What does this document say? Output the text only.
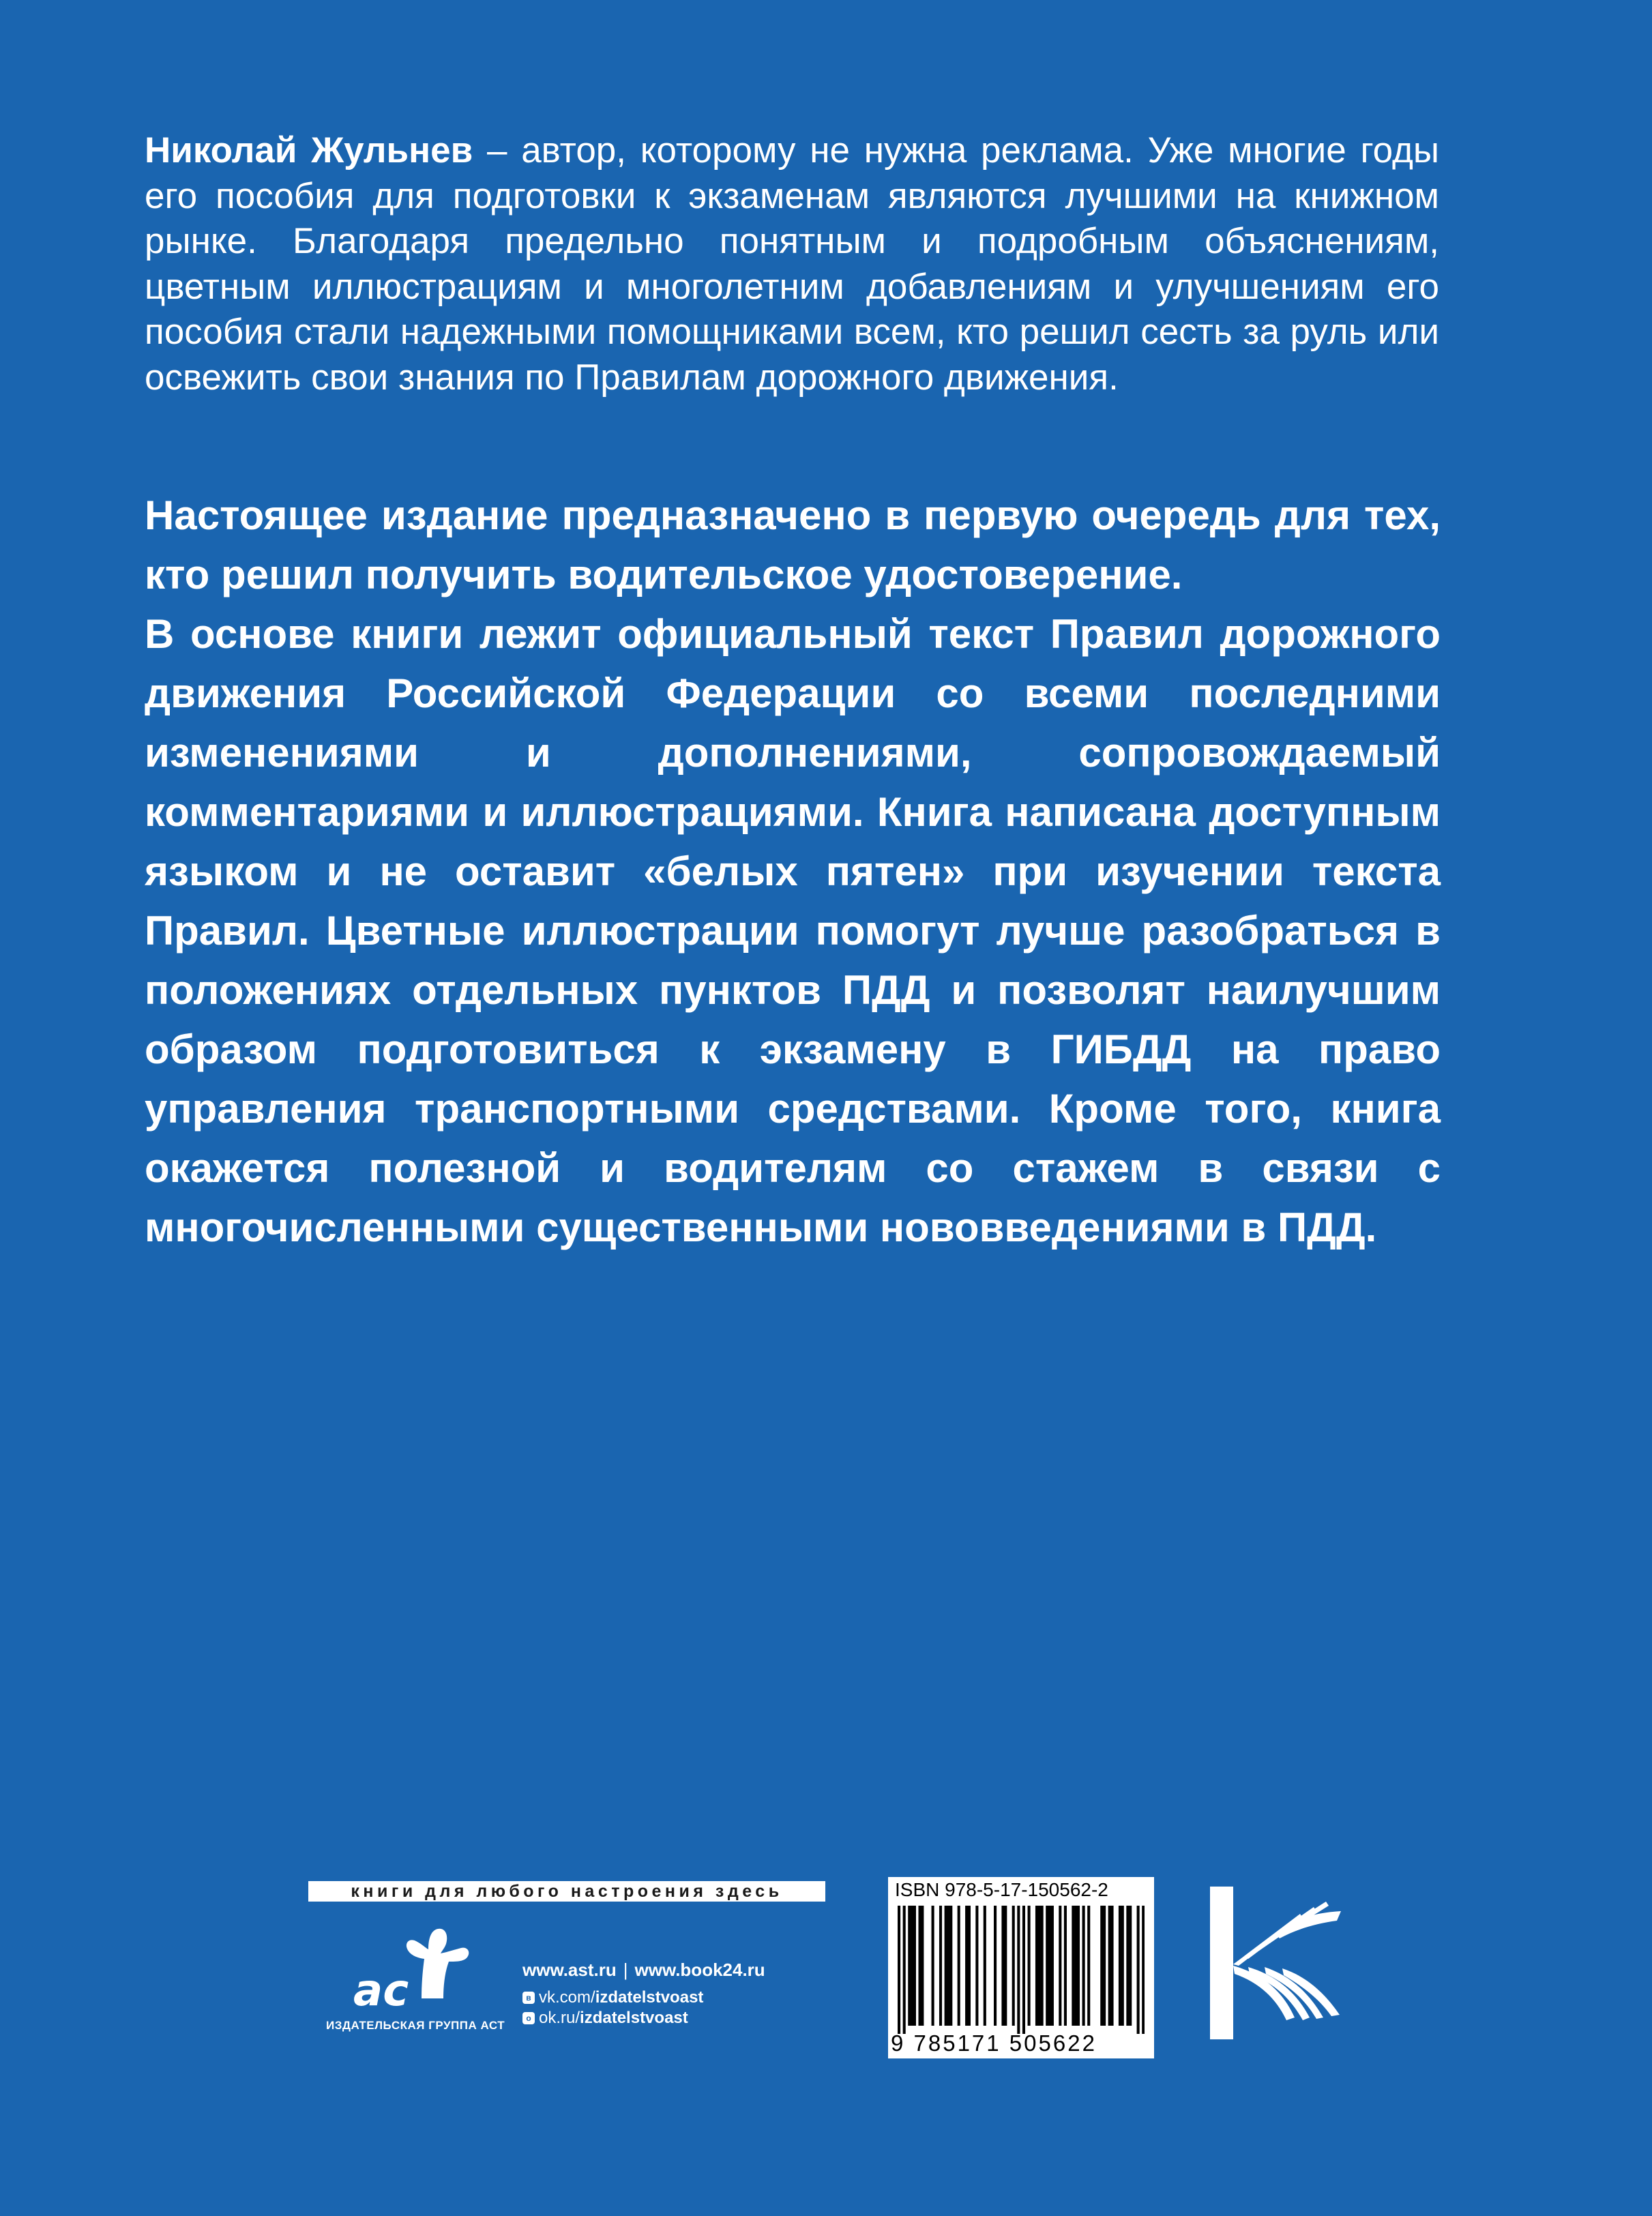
Николай Жульнев – автор, которому не нужна реклама. Уже многие годы его пособия для подготовки к экзаменам являются лучшими на книжном рынке. Благодаря предельно понятным и подробным объяснениям, цветным иллюстрациям и многолетним добавлениям и улучшениям его пособия стали надежными помощниками всем, кто решил сесть за руль или освежить свои знания по Правилам дорожного движения.

Настоящее издание предназначено в первую очередь для тех, кто решил получить водительское удостоверение.

В основе книги лежит официальный текст Правил дорожного движения Российской Федерации со всеми последними изменениями и дополнениями, сопровождаемый комментариями и иллюстрациями. Книга написана доступным языком и не оставит «белых пятен» при изучении текста Правил. Цветные иллюстрации помогут лучше разобраться в положениях отдельных пунктов ПДД и позволят наилучшим образом подготовиться к экзамену в ГИБДД на право управления транспортными средствами. Кроме того, книга окажется полезной и водителям со стажем в связи с многочисленными существенными нововведениями в ПДД.

книги для любого настроения здесь
ac
ИЗДАТЕЛЬСКАЯ ГРУППА АСТ
www.ast.ru | www.book24.ru
в vk.com/ izdatelstvoast
о ok.ru/ izdatelstvoast
ISBN 978-5-17-150562-2
9 785171 505622
